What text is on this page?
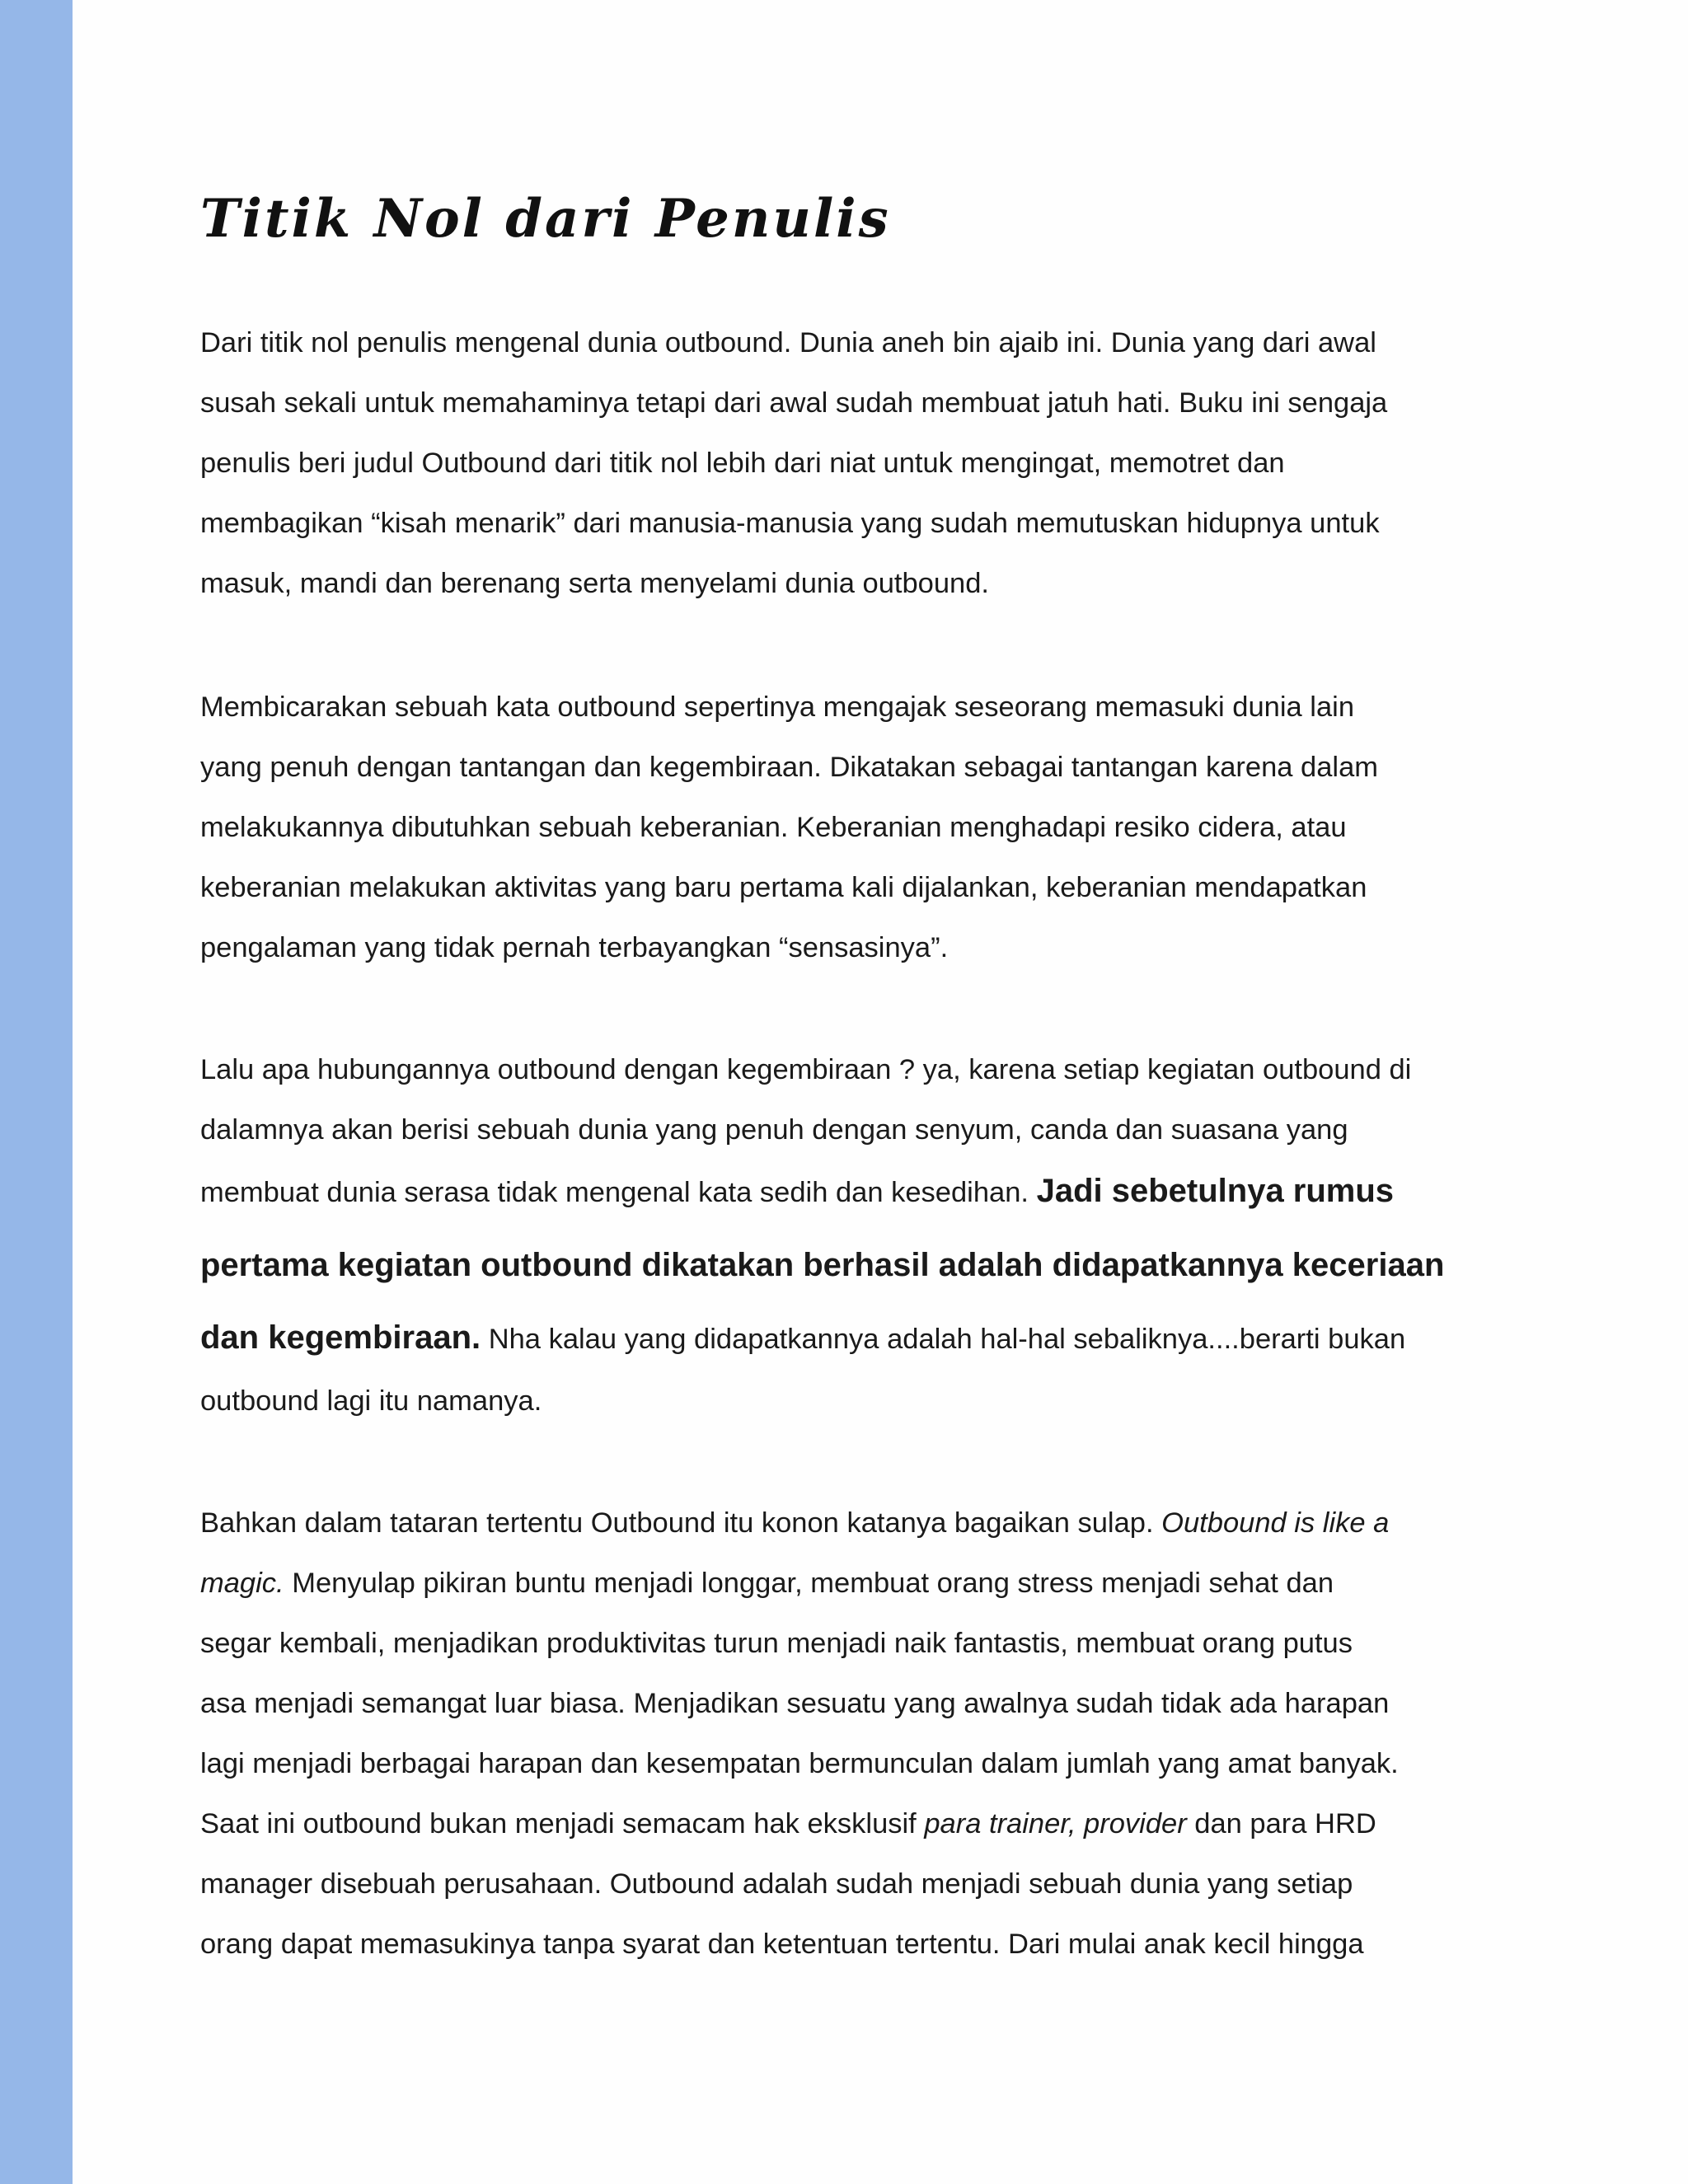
Titik Nol dari Penulis

Dari titik nol penulis mengenal dunia outbound. Dunia aneh bin ajaib ini. Dunia yang dari awal
susah sekali untuk memahaminya tetapi dari awal sudah membuat jatuh hati. Buku ini sengaja
penulis beri judul Outbound dari titik nol lebih dari niat untuk mengingat, memotret dan
membagikan “kisah menarik” dari manusia-manusia yang sudah memutuskan hidupnya untuk
masuk, mandi dan berenang serta menyelami dunia outbound.

Membicarakan sebuah kata outbound sepertinya mengajak seseorang memasuki dunia lain
yang penuh dengan tantangan dan kegembiraan. Dikatakan sebagai tantangan karena dalam
melakukannya dibutuhkan sebuah keberanian. Keberanian menghadapi resiko cidera, atau
keberanian melakukan aktivitas yang baru pertama kali dijalankan, keberanian mendapatkan
pengalaman yang tidak pernah terbayangkan “sensasinya”.

Lalu apa hubungannya outbound dengan kegembiraan ? ya, karena setiap kegiatan outbound di
dalamnya akan berisi sebuah dunia yang penuh dengan senyum, canda dan suasana yang
membuat dunia serasa tidak mengenal kata sedih dan kesedihan. Jadi sebetulnya rumus
pertama kegiatan outbound dikatakan berhasil adalah didapatkannya keceriaan
dan kegembiraan. Nha kalau yang didapatkannya adalah hal-hal sebaliknya....berarti bukan
outbound lagi itu namanya.

Bahkan dalam tataran tertentu Outbound itu konon katanya bagaikan sulap. Outbound is like a
magic. Menyulap pikiran buntu menjadi longgar, membuat orang stress menjadi sehat dan
segar kembali, menjadikan produktivitas turun menjadi naik fantastis, membuat orang putus
asa menjadi semangat luar biasa. Menjadikan sesuatu yang awalnya sudah tidak ada harapan
lagi menjadi berbagai harapan dan kesempatan bermunculan dalam jumlah yang amat banyak.
Saat ini outbound bukan menjadi semacam hak eksklusif para trainer, provider dan para HRD
manager disebuah perusahaan. Outbound adalah sudah menjadi sebuah dunia yang setiap
orang dapat memasukinya tanpa syarat dan ketentuan tertentu. Dari mulai anak kecil hingga
